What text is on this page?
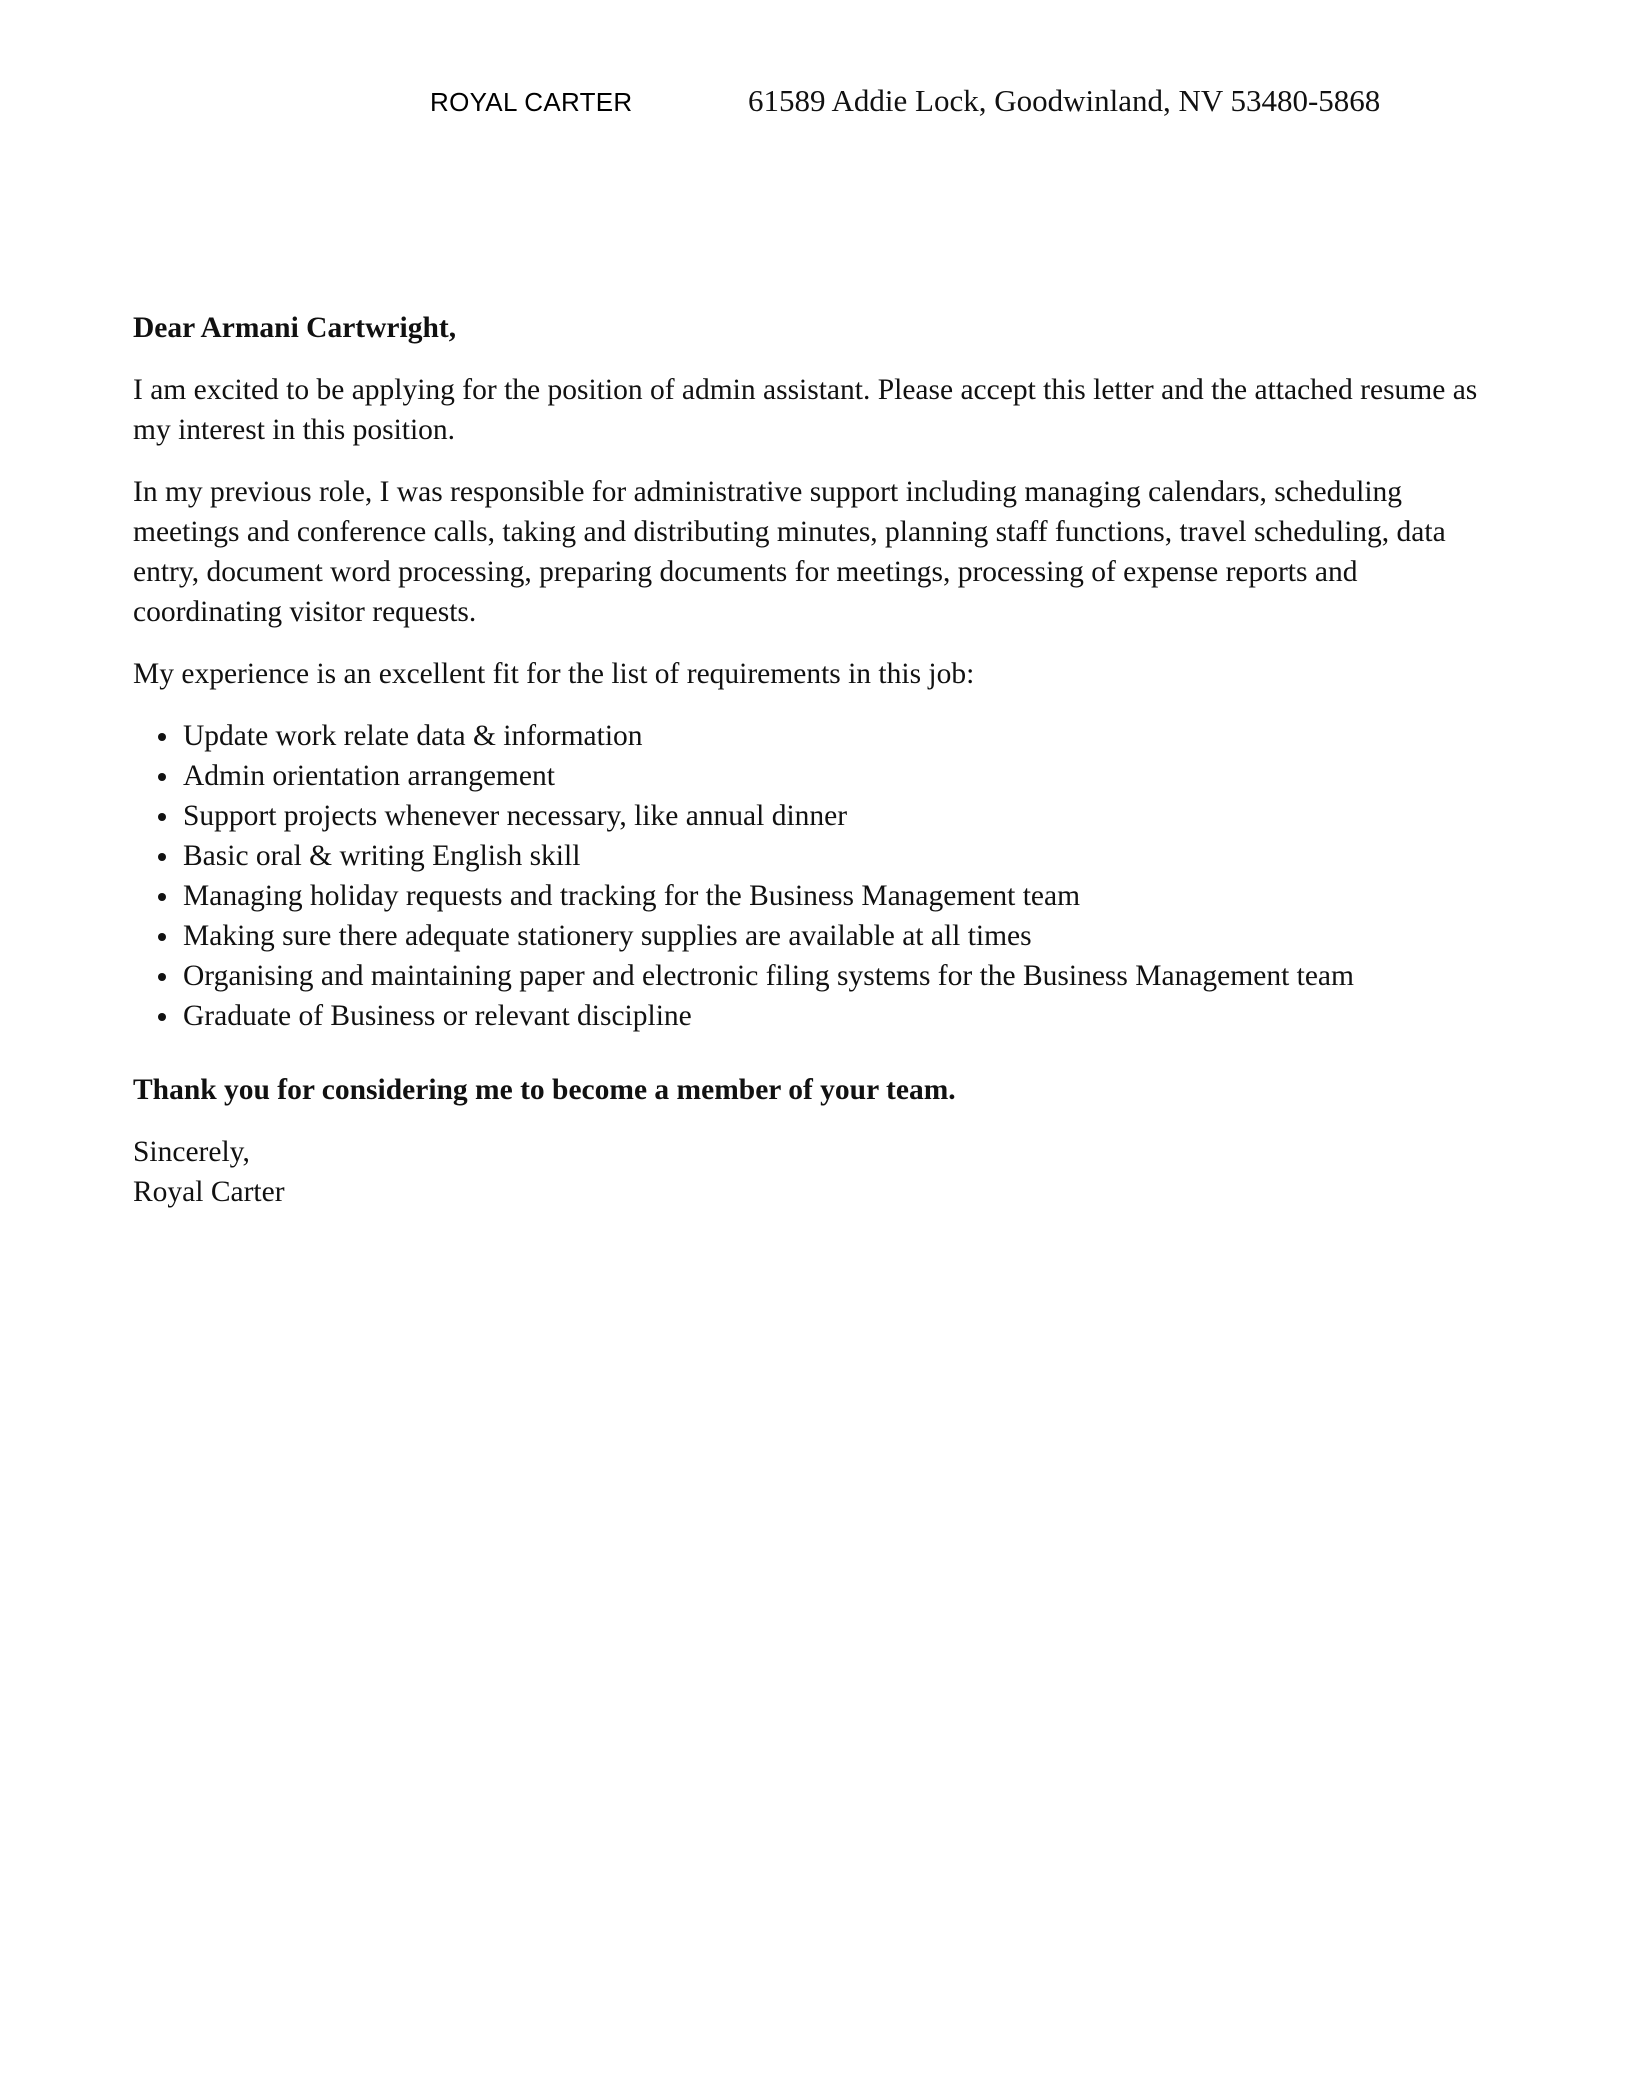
ROYAL CARTER	61589 Addie Lock, Goodwinland, NV 53480-5868

Dear Armani Cartwright,

I am excited to be applying for the position of admin assistant. Please accept this letter and the attached resume as my interest in this position.

In my previous role, I was responsible for administrative support including managing calendars, scheduling meetings and conference calls, taking and distributing minutes, planning staff functions, travel scheduling, data entry, document word processing, preparing documents for meetings, processing of expense reports and coordinating visitor requests.

My experience is an excellent fit for the list of requirements in this job:

• Update work relate data & information
• Admin orientation arrangement
• Support projects whenever necessary, like annual dinner
• Basic oral & writing English skill
• Managing holiday requests and tracking for the Business Management team
• Making sure there adequate stationery supplies are available at all times
• Organising and maintaining paper and electronic filing systems for the Business Management team
• Graduate of Business or relevant discipline

Thank you for considering me to become a member of your team.

Sincerely,

Royal Carter
